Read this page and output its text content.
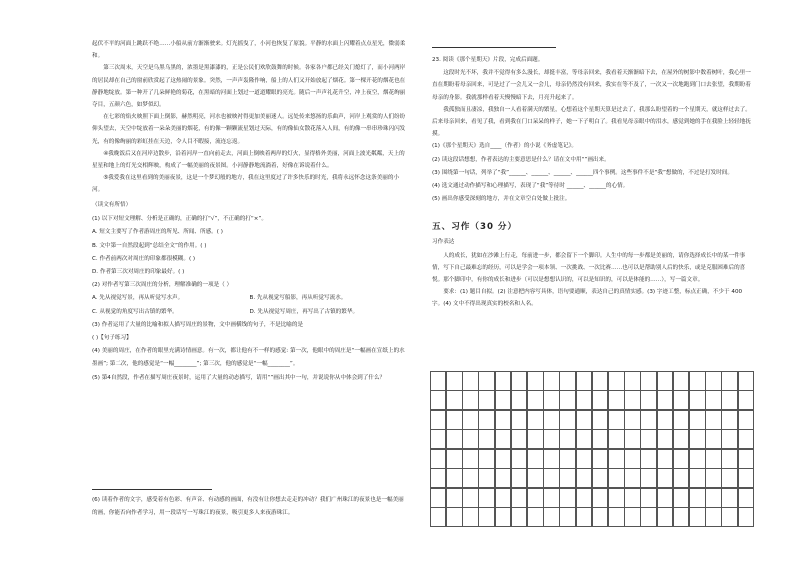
起伏不平的河面上跳跃不绝……小船从前方渐渐驶来。灯光摇曳了，小河也恢复了原貌。平静的水面上闪耀着点点星光，微弱柔和。

第三次周末，天空是乌黑乌黑的，浓墨是黑漆漆的，正是公民们欢欣鼓舞的时候。各家各户都已经关门熄灯了，而小河两岸的居民却在自己的窗前欣赏起了这热闹的景象。突然，一声声轰隆作响，船上的人们又开始放起了烟花。第一棵开花的烟花也在静静地绽放。第一种开了几朵鲜艳的菊花，在黑暗的河面上划过一道道耀眼的亮光。随后一声声礼花升空，冲上夜空，烟花绚丽夺目，五颜六色，如梦似幻。

在七彩的焰火映照下面上倒影，赫然明亮，河水也被映衬得更加美丽迷人。远处传来悠扬的乐曲声，河岸上观赏的人们纷纷仰头望去，天空中绽放着一朵朵美丽的烟花，有的像一颗颗流星划过天际，有的像仙女散花落入人间，有的像一串串珍珠闪闪发光，有的像绚丽的彩虹挂在天边，令人目不暇接，流连忘返。

④我晚饭后又在河岸边散步，沿着河岸一直向前走去，河面上倒映着两岸的灯火，显得格外美丽，河面上波光粼粼，天上的星星和地上的灯光交相辉映，构成了一幅美丽的夜景图。小河静静地流淌着，好像在诉说着什么。

⑤我爱我在这里看到的美丽夜景，这是一个梦幻般的地方，我在这里度过了许多快乐的时光，我将永远怀念这条美丽的小河。

（读文有所悟）

(1) 以下对短文理解、分析是正确的，正确的打“√”，不正确的打“×”。

A. 短文主要写了作者游周庄的所见、所闻、所感。( )

B. 文中第一自然段起到“总结全文”的作用。( )

C. 作者前两次对周庄的印象都很模糊。( )

D. 作者第三次对周庄的印象最好。( )

(2) 对作者写第三次周庄的分析，理解准确的一项是（ ）

A. 先从视觉写景，再从听觉写水声。	B. 先从视觉写船影，再从听觉写流水。
C. 从视觉的角度写出古镇的繁华。	D. 先从视觉写周庄，再写出了古镇的繁华。

(3) 作者运用了大量的比喻和拟人描写周庄的景物，文中画横线的句子，不是比喻的是

( )【句子练习】

(4) 美丽的周庄，在作者的眼里充满诗情画意。有一次，都让他有不一样的感觉: 第一次，他眼中的周庄是“一幅画在宣纸上的水墨画”; 第二次，他的感觉是“一幅________”; 第三次，他的感觉是“一幅________”。

(5) 第4自然段，作者在描写周庄夜景时，运用了大量的动态描写，请用“”画出其中一句，并说说你从中体会到了什么？

(6) 读着作者的文字，感受着有色彩、有声音、有动感的画面，有没有让你想去走走的冲动？我们广州珠江的夜景也是一幅美丽的画，你能否向作者学习，用一段话写一写珠江的夜景，吸引更多人来夜游珠江。

23. 阅读《那个星期天》片段，完成后面题。

这段时光不坏，我并不觉得有多么漫长，却挺丰富，等母亲回来，我看着天渐渐暗下去，在屋外的树影中数着树叶，我心里一直在期盼着母亲回来，可是过了一会儿又一会儿，母亲仍然没有回来，我实在等不及了，一次又一次地跑到门口去张望，我期盼着母亲的身影。我就那样看着天慢慢暗下去，月亮升起来了。

我孤独而且凄凉，我独自一人看着满天的繁星，心想着这个星期天算是过去了，我那么盼望着的一个星期天，就这样过去了。后来母亲回来，看见了我，看到我在门口呆呆的样子，她一下子明白了。我看见母亲眼中的泪水，感觉到她的手在我脸上轻轻地抚摸。

(1)《那个星期天》选自____（作者）的小说《务虚笔记》。

(2) 读这段话想想，作者表达的主要意思是什么？请在文中用“”画出来。

(3) 围绕第一句话，列举了“我”______、______、______、______四个事例。这些事件不是“我”想做的，不过是打发时间。

(4) 选文通过动作描写和心理描写，表现了“我”等待时 ______、______的心情。

(5) 画出你感受深刻的地方，并在文章空白处做上批注。

五、习作（30 分）

习作表达

人的成长，犹如在沙滩上行走，每前进一步，都会留下一个脚印。人生中的每一步都是美丽的，请你选择成长中的某一件事情，写下自己最难忘的经历，可以是学会一项本领、一次挑战、一次比赛……也可以是帮助别人后的快乐，或是克服困难后的喜悦。那个脚印中，有你的成长和进步（可以是想想认识的，可以是知识的，可以是体能的……），写一篇文章。

要求：(1) 题目自拟。(2) 注意把内容写具体，语句要通顺，表达自己的真情实感。(3) 字迹工整，标点正确，不少于 400 字。(4) 文中不得出现真实的校名和人名。
